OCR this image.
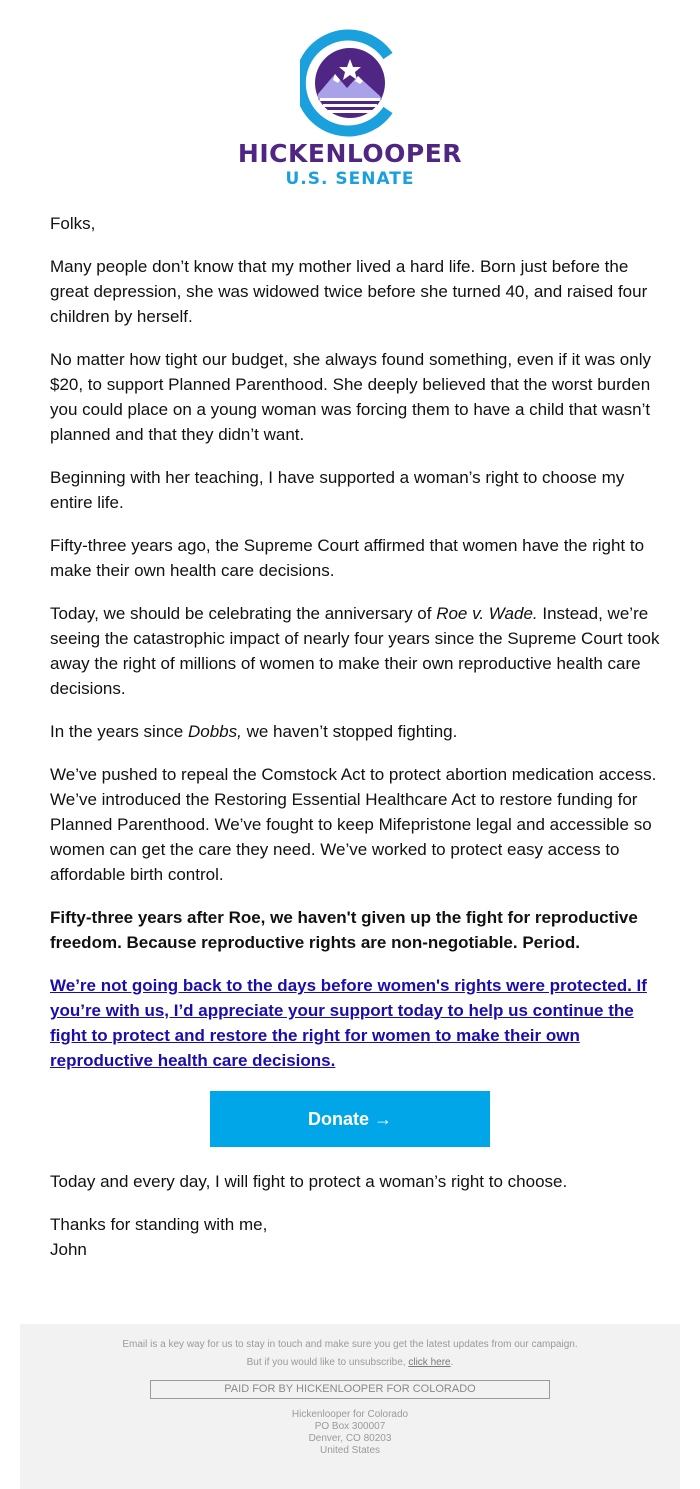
HICKENLOOPER
U.S. SENATE

Folks,

Many people don’t know that my mother lived a hard life. Born just before the great depression, she was widowed twice before she turned 40, and raised four children by herself.

No matter how tight our budget, she always found something, even if it was only $20, to support Planned Parenthood. She deeply believed that the worst burden you could place on a young woman was forcing them to have a child that wasn’t planned and that they didn’t want.

Beginning with her teaching, I have supported a woman’s right to choose my entire life.

Fifty-three years ago, the Supreme Court affirmed that women have the right to make their own health care decisions.

Today, we should be celebrating the anniversary of Roe v. Wade. Instead, we’re seeing the catastrophic impact of nearly four years since the Supreme Court took away the right of millions of women to make their own reproductive health care decisions.

In the years since Dobbs, we haven’t stopped fighting.

We’ve pushed to repeal the Comstock Act to protect abortion medication access. We’ve introduced the Restoring Essential Healthcare Act to restore funding for Planned Parenthood. We’ve fought to keep Mifepristone legal and accessible so women can get the care they need. We’ve worked to protect easy access to affordable birth control.

Fifty-three years after Roe, we haven't given up the fight for reproductive freedom. Because reproductive rights are non-negotiable. Period.

We’re not going back to the days before women's rights were protected. If you’re with us, I’d appreciate your support today to help us continue the fight to protect and restore the right for women to make their own reproductive health care decisions.

Donate →

Today and every day, I will fight to protect a woman’s right to choose.

Thanks for standing with me,
John

Email is a key way for us to stay in touch and make sure you get the latest updates from our campaign.
But if you would like to unsubscribe, click here.
PAID FOR BY HICKENLOOPER FOR COLORADO
Hickenlooper for Colorado
PO Box 300007
Denver, CO 80203
United States
